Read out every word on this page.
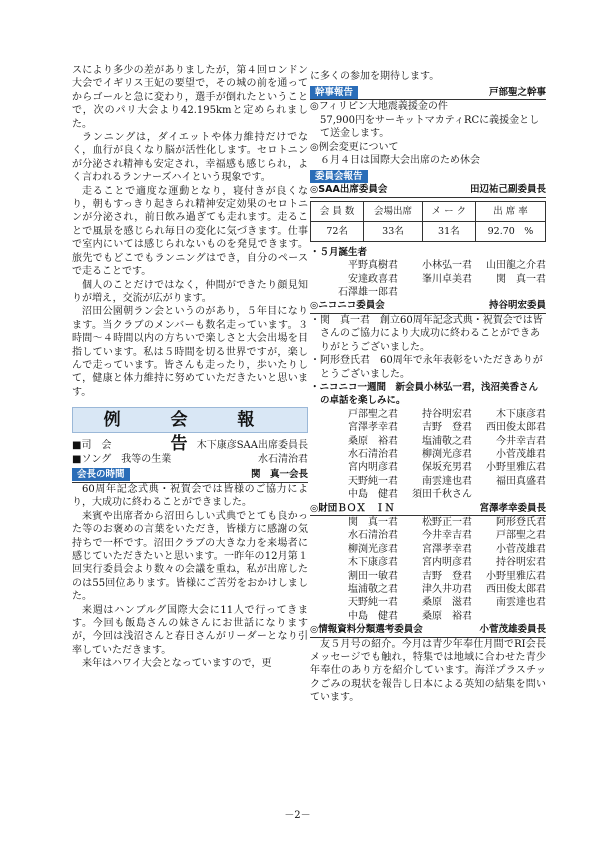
スにより多少の差がありましたが，第４回ロンドン大会でイギリス王妃の要望で，その城の前を通ってからゴールと急に変わり，選手が倒れたということで，次のパリ大会より42.195kmと定められました。

ランニングは，ダイエットや体力維持だけでなく，血行が良くなり脳が活性化します。セロトニンが分泌され精神も安定され，幸福感も感じられ，よく言われるランナーズハイという現象です。

走ることで適度な運動となり，寝付きが良くなり，朝もすっきり起きられ精神安定効果のセロトニンが分泌され，前日飲み過ぎても走れます。走ることで風景を感じられ毎日の変化に気づきます。仕事で室内にいては感じられないものを発見できます。旅先でもどこでもランニングはでき，自分のペースで走ることです。

個人のことだけではなく，仲間ができたり顔見知りが増え，交流が広がります。

沼田公園朝ラン会というのがあり，５年目になります。当クラブのメンバーも数名走っています。３時間～４時間以内の方ちいで楽しさと大会出場を目指しています。私は５時間を切る世界ですが，楽しんで走っています。皆さんも走ったり，歩いたりして，健康と体力維持に努めていただきたいと思います。

例 会 報 告
■司　会	木下康彦SAA出席委員長
■ソング　我等の生業	水石清治君
会長の時間	関　真一会長

60周年記念式典・祝賀会では皆様のご協力により，大成功に終わることができました。

来賓や出席者から沼田らしい式典でとても良かった等のお褒めの言葉をいただき，皆様方に感謝の気持ちで一杯です。沼田クラブの大きな力を来場者に感じていただきたいと思います。一昨年の12月第１回実行委員会より数々の会議を重ね，私が出席したのは55回位あります。皆様にご苦労をおかけしました。

来週はハンブルグ国際大会に11人で行ってきます。今回も飯島さんの妹さんにお世話になりますが，今回は浅沼さんと春日さんがリーダーとなり引率していただきます。

来年はハワイ大会となっていますので，更

に多くの参加を期待します。

幹事報告	戸部聖之幹事

◎フィリピン大地震義援金の件

　57,900円をサーキットマカティRCに義援金として送金します。

◎例会変更について

　６月４日は国際大会出席のため休会

委員会報告
◎SAA出席委員会	田辺祐己副委員長
会 員 数	会場出席	メ ー ク	出 席 率
72名	33名	31名	92.70　%

・５月誕生者

平野真樹君	小林弘一君	山田龍之介君
安達政喜君	峯川卓美君	関　真一君
石澤雄一郎君
◎ニコニコ委員会	持谷明宏委員

・関　真一君　創立60周年記念式典・祝賀会では皆さんのご協力により大成功に終わることができありがとうございました。

・阿形登氏君　60周年で永年表彰をいただきありがとうございました。

・ニコニコ一週間　新会員小林弘一君，浅沼美香さんの卓話を楽しみに。

戸部聖之君	持谷明宏君	木下康彦君
宮澤孝幸君	吉野　登君	西田俊太郎君
桑原　裕君	塩浦敬之君	今井幸吉君
水石清治君	柳渕光彦君	小菅茂雄君
宮内明彦君	保坂充男君	小野里雅広君
天野純一君	南雲達也君	福田真盛君
中島　健君	須田千秋さん
◎財団ＢＯＸ　ＩＮ	宮澤孝幸委員長
関　真一君	松野正一君	阿形登氏君
水石清治君	今井幸吉君	戸部聖之君
柳渕光彦君	宮澤孝幸君	小菅茂雄君
木下康彦君	宮内明彦君	持谷明宏君
割田一敏君	吉野　登君	小野里雅広君
塩浦敬之君	津久井功君	西田俊太郎君
天野純一君	桑原　滋君	南雲達也君
中島　健君	桑原　裕君
◎情報資料分類選考委員会	小菅茂雄委員長

友５月号の紹介。今月は青少年奉仕月間でRI会長メッセージでも触れ，特集では地域に合わせた青少年奉仕のあり方を紹介しています。海洋プラスチックごみの現状を報告し日本による英知の結集を問いています。

－2－
